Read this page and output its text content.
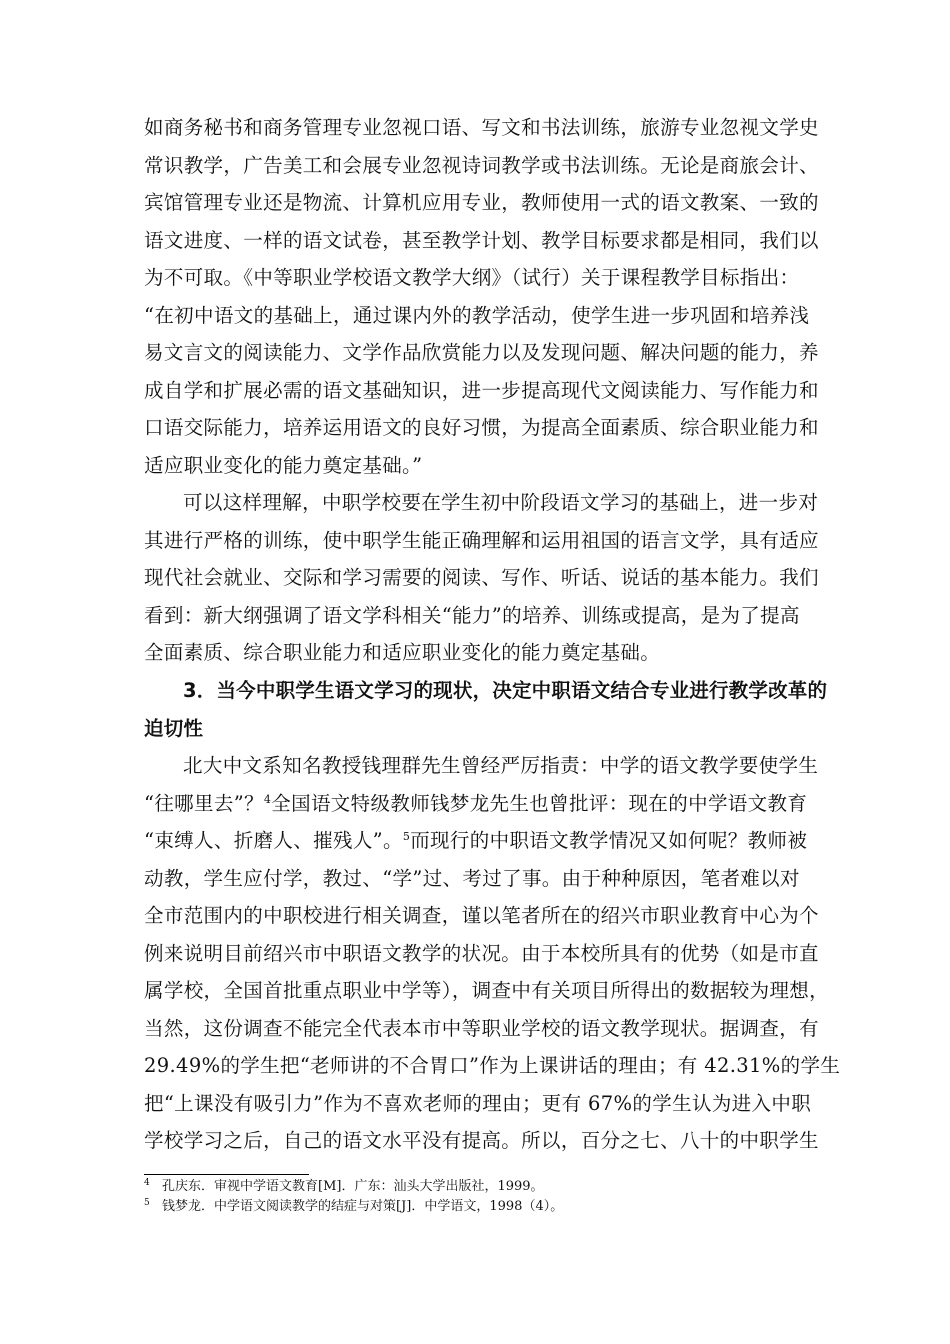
如商务秘书和商务管理专业忽视口语、写文和书法训练，旅游专业忽视文学史
常识教学，广告美工和会展专业忽视诗词教学或书法训练。无论是商旅会计、
宾馆管理专业还是物流、计算机应用专业，教师使用一式的语文教案、一致的
语文进度、一样的语文试卷，甚至教学计划、教学目标要求都是相同，我们以
为不可取。《中等职业学校语文教学大纲》（试行）关于课程教学目标指出：
“在初中语文的基础上，通过课内外的教学活动，使学生进一步巩固和培养浅
易文言文的阅读能力、文学作品欣赏能力以及发现问题、解决问题的能力，养
成自学和扩展必需的语文基础知识，进一步提高现代文阅读能力、写作能力和
口语交际能力，培养运用语文的良好习惯，为提高全面素质、综合职业能力和
适应职业变化的能力奠定基础。”
可以这样理解，中职学校要在学生初中阶段语文学习的基础上，进一步对
其进行严格的训练，使中职学生能正确理解和运用祖国的语言文学，具有适应
现代社会就业、交际和学习需要的阅读、写作、听话、说话的基本能力。我们
看到：新大纲强调了语文学科相关“能力”的培养、训练或提高，是为了提高
全面素质、综合职业能力和适应职业变化的能力奠定基础。
3．当今中职学生语文学习的现状，决定中职语文结合专业进行教学改革的
迫切性
北大中文系知名教授钱理群先生曾经严厉指责：中学的语文教学要使学生
“往哪里去”？$^4$全国语文特级教师钱梦龙先生也曾批评：现在的中学语文教育
“束缚人、折磨人、摧残人”。$^5$而现行的中职语文教学情况又如何呢？教师被
动教，学生应付学，教过、“学”过、考过了事。由于种种原因，笔者难以对
全市范围内的中职校进行相关调查，谨以笔者所在的绍兴市职业教育中心为个
例来说明目前绍兴市中职语文教学的状况。由于本校所具有的优势（如是市直
属学校，全国首批重点职业中学等），调查中有关项目所得出的数据较为理想，
当然，这份调查不能完全代表本市中等职业学校的语文教学现状。据调查，有
29.49%的学生把“老师讲的不合胃口”作为上课讲话的理由；有 42.31%的学生
把“上课没有吸引力”作为不喜欢老师的理由；更有 67%的学生认为进入中职
学校学习之后，自己的语文水平没有提高。所以，百分之七、八十的中职学生
4 孔庆东．审视中学语文教育[M]．广东：汕头大学出版社，1999。
5 钱梦龙．中学语文阅读教学的结症与对策[J]．中学语文，1998（4）。
